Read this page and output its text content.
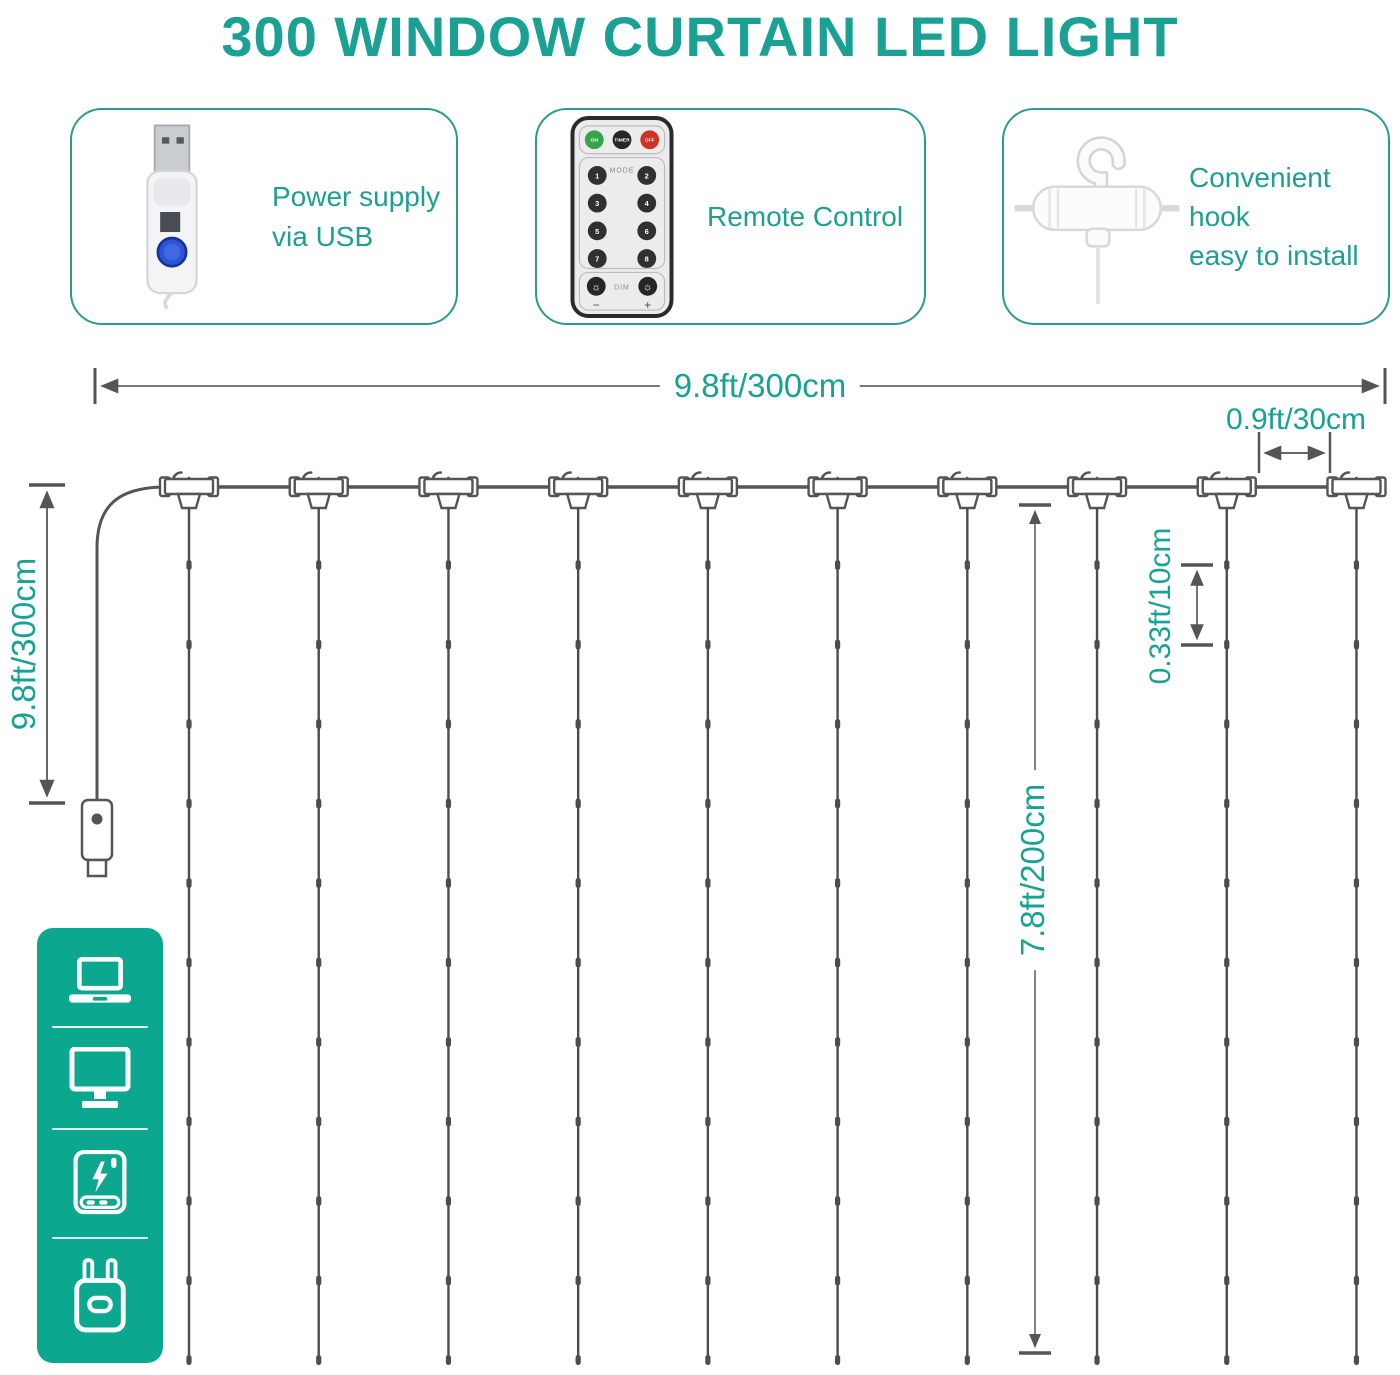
300 WINDOW CURTAIN LED LIGHT
Power supply via USB
ON	TIMER	OFF
MODE
1	2
3	4
5	6
7	8
☼	☼
DIM
−	+
Remote Control
Convenient hook
easy to install
9.8ft/300cm
0.9ft/30cm
9.8ft/300cm	0.33ft/10cm
7.8ft/200cm
